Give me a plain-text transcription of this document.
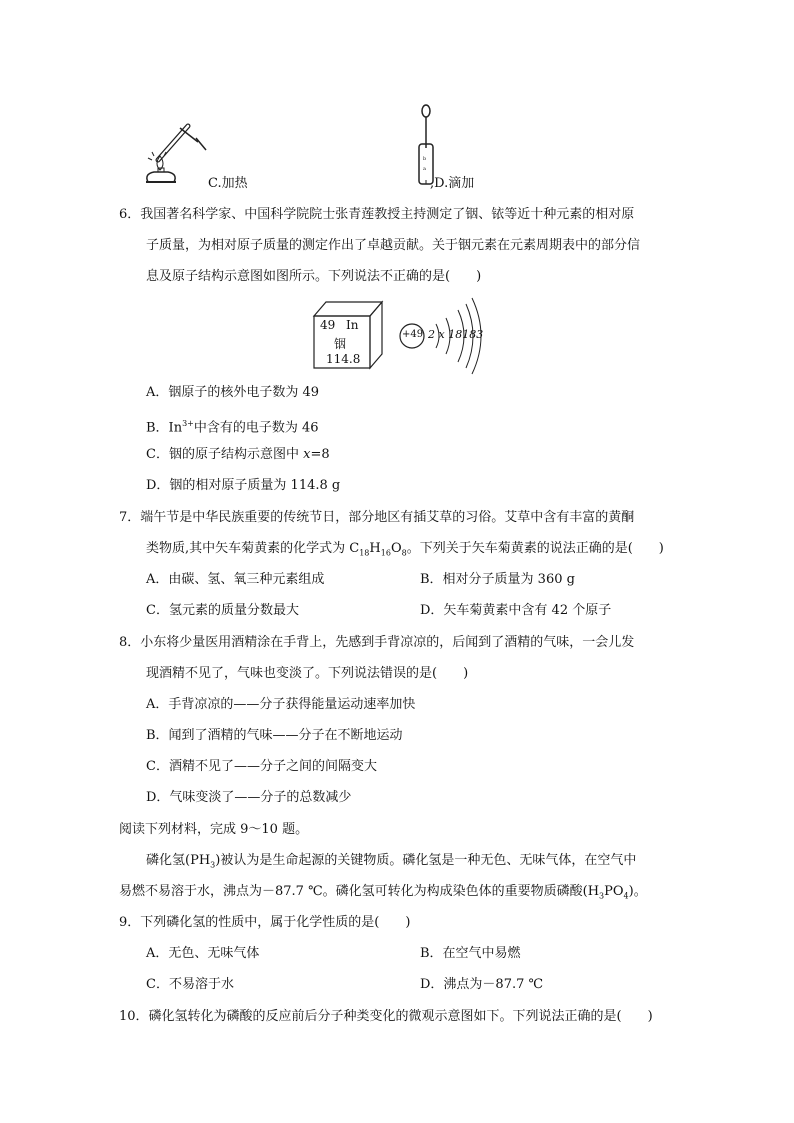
C.加热
b
a
,D.滴加
6．我国著名科学家、中国科学院院士张青莲教授主持测定了铟、铱等近十种元素的相对原
子质量，为相对原子质量的测定作出了卓越贡献。关于铟元素在元素周期表中的部分信
息及原子结构示意图如图所示。下列说法不正确的是(　　)
49 In
铟
114.8
+49 2 x 18183
A．铟原子的核外电子数为 49
B．$In^{3+}$中含有的电子数为 46
C．铟的原子结构示意图中 x=8
D．铟的相对原子质量为 114.8 g
7．端午节是中华民族重要的传统节日，部分地区有插艾草的习俗。艾草中含有丰富的黄酮
类物质,其中矢车菊黄素的化学式为 $C_{18}H_{16}O_8$。下列关于矢车菊黄素的说法正确的是(　　)
A．由碳、氢、氧三种元素组成	B．相对分子质量为 360 g
C．氢元素的质量分数最大	D．矢车菊黄素中含有 42 个原子
8．小东将少量医用酒精涂在手背上，先感到手背凉凉的，后闻到了酒精的气味，一会儿发
现酒精不见了，气味也变淡了。下列说法错误的是(　　)
A．手背凉凉的——分子获得能量运动速率加快
B．闻到了酒精的气味——分子在不断地运动
C．酒精不见了——分子之间的间隔变大
D．气味变淡了——分子的总数减少
阅读下列材料，完成 9～10 题。
磷化氢$(PH_3)$被认为是生命起源的关键物质。磷化氢是一种无色、无味气体，在空气中
易燃不易溶于水，沸点为－87.7 ℃。磷化氢可转化为构成染色体的重要物质磷酸$(H_3PO_4)$。
9．下列磷化氢的性质中，属于化学性质的是(　　)
A．无色、无味气体	B．在空气中易燃
C．不易溶于水	D．沸点为－87.7 ℃
10．磷化氢转化为磷酸的反应前后分子种类变化的微观示意图如下。下列说法正确的是(　　)
